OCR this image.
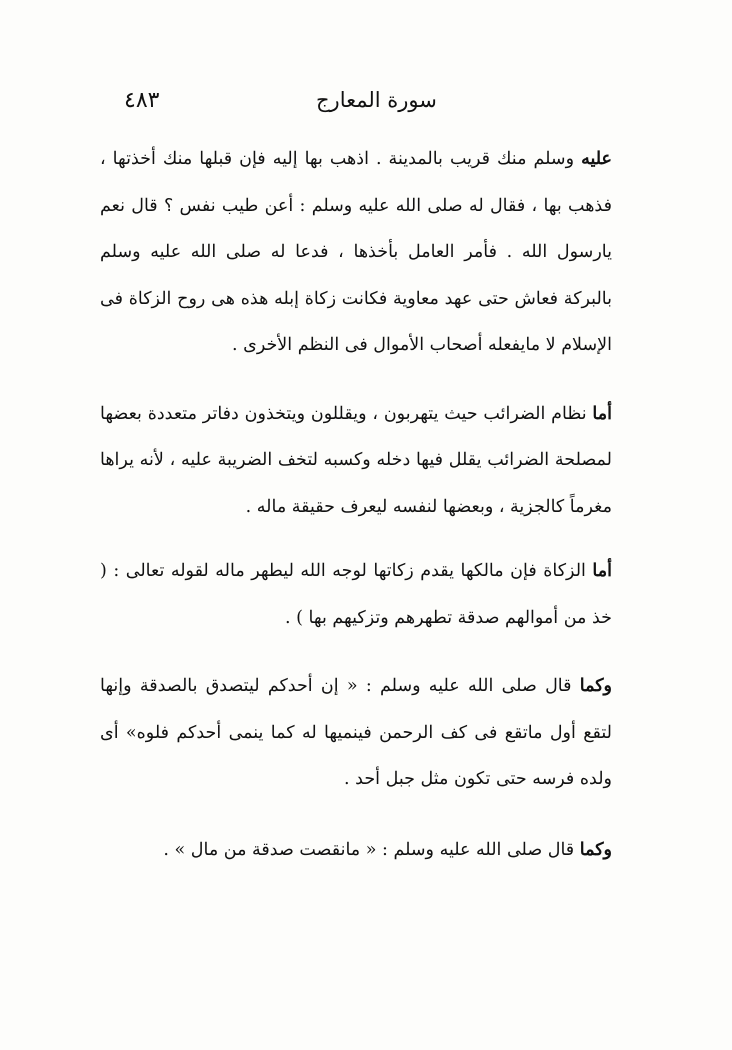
٤٨٣	سورة المعارج

عليه وسلم منك قريب بالمدينة . اذهب بها إليه فإن قبلها منك أخذتها ، فذهب بها ، فقال له صلى الله عليه وسلم : أعن طيب نفس ؟ قال نعم يارسول الله . فأمر العامل بأخذها ، فدعا له صلى الله عليه وسلم بالبركة فعاش حتى عهد معاوية فكانت زكاة إبله هذه هى روح الزكاة فى الإسلام لا مايفعله أصحاب الأموال فى النظم الأخرى .

أما نظام الضرائب حيث يتهربون ، ويقللون ويتخذون دفاتر متعددة بعضها لمصلحة الضرائب يقلل فيها دخله وكسبه لتخف الضريبة عليه ، لأنه يراها مغرماً كالجزية ، وبعضها لنفسه ليعرف حقيقة ماله .

أما الزكاة فإن مالكها يقدم زكاتها لوجه الله ليطهر ماله لقوله تعالى : ( خذ من أموالهم صدقة تطهرهم وتزكيهم بها ) .

وكما قال صلى الله عليه وسلم : « إن أحدكم ليتصدق بالصدقة وإنها لتقع أول ماتقع فى كف الرحمن فينميها له كما ينمى أحدكم فلوه» أى ولده فرسه حتى تكون مثل جبل أحد .

وكما قال صلى الله عليه وسلم : « مانقصت صدقة من مال » .
